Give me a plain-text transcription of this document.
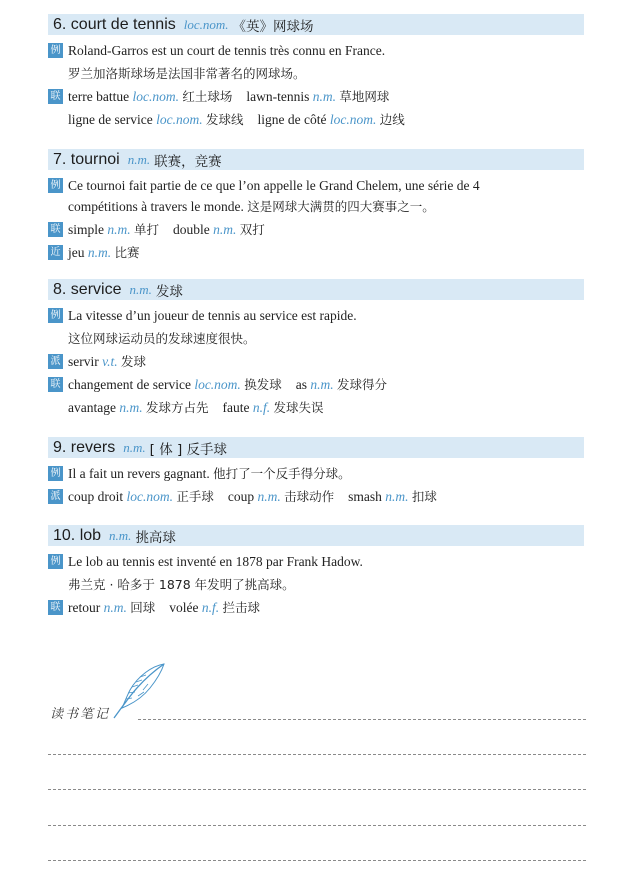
6. court de tennis loc.nom. 《英》网球场
例 Roland-Garros est un court de tennis très connu en France.
罗兰加洛斯球场是法国非常著名的网球场。
联 terre battue loc.nom. 红土球场 lawn-tennis n.m. 草地网球
ligne de service loc.nom. 发球线 ligne de côté loc.nom. 边线
7. tournoi n.m. 联赛，竞赛
例 Ce tournoi fait partie de ce que l’on appelle le Grand Chelem, une série de 4
compétitions à travers le monde. 这是网球大满贯的四大赛事之一。
联 simple n.m. 单打 double n.m. 双打
近 jeu n.m. 比赛
8. service n.m. 发球
例 La vitesse d’un joueur de tennis au service est rapide.
这位网球运动员的发球速度很快。
派 servir v.t. 发球
联 changement de service loc.nom. 换发球 as n.m. 发球得分
avantage n.m. 发球方占先 faute n.f. 发球失误
9. revers n.m. [ 体 ] 反手球
例 Il a fait un revers gagnant. 他打了一个反手得分球。
派 coup droit loc.nom. 正手球 coup n.m. 击球动作 smash n.m. 扣球
10. lob n.m. 挑高球
例 Le lob au tennis est inventé en 1878 par Frank Hadow.
弗兰克 · 哈多于 1878 年发明了挑高球。
联 retour n.m. 回球 volée n.f. 拦击球
读书笔记
